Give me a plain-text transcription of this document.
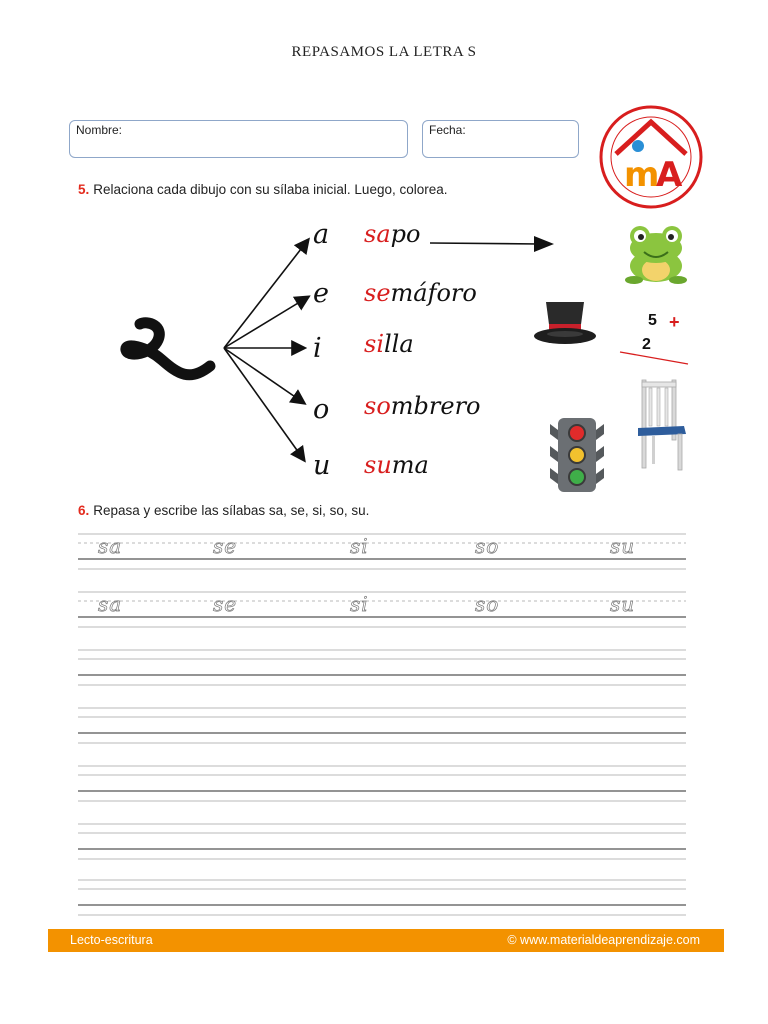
REPASAMOS LA LETRA S
Nombre:	Fecha:
m
A
5. Relaciona cada dibujo con su sílaba inicial. Luego, colorea.
a
e
i
o
u
sapo
semáforo
silla
sombrero
suma
5 +
2
6. Repasa y escribe las sílabas sa, se, si, so, su.
sa	se	si	so	su
sa	se	si	so	su
Lecto-escritura	© www.materialdeaprendizaje.com
